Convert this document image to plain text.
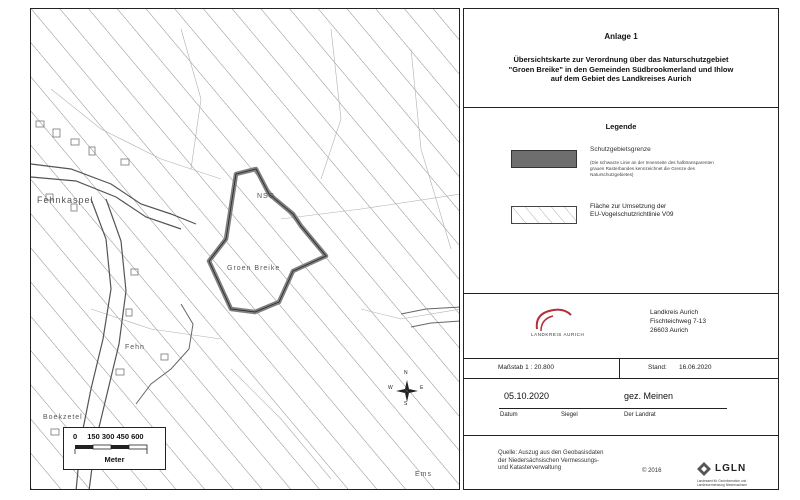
Fehnkaspel
Groen Breike
NSG
Fehn
Boekzetel
Ems
S
N
E
W
0 150 300 450 600
Meter
Anlage 1
Übersichtskarte zur Verordnung über das Naturschutzgebiet
"Groen Breike" in den Gemeinden Südbrookmerland und Ihlow
auf dem Gebiet des Landkreises Aurich
Legende
Schutzgebietsgrenze
(Die schwarze Linie an der Innenseite des halbtransparenten grauen Rasterbandes kennzeichnet die Grenze des Naturschutzgebietes)
Fläche zur Umsetzung der
EU-Vogelschutzrichtlinie V09
LANDKREIS AURICH
Landkreis Aurich
Fischteichweg 7-13
26603 Aurich
Maßstab 1 : 20.800	Stand: 16.06.2020
05.10.2020	gez. Meinen
Datum	Siegel	Der Landrat
Quelle: Auszug aus den Geobasisdaten
der Niedersächsischen Vermessungs-
und Katasterverwaltung	© 2016	LGLN
Landesamt für Geoinformation und Landesvermessung Niedersachsen
